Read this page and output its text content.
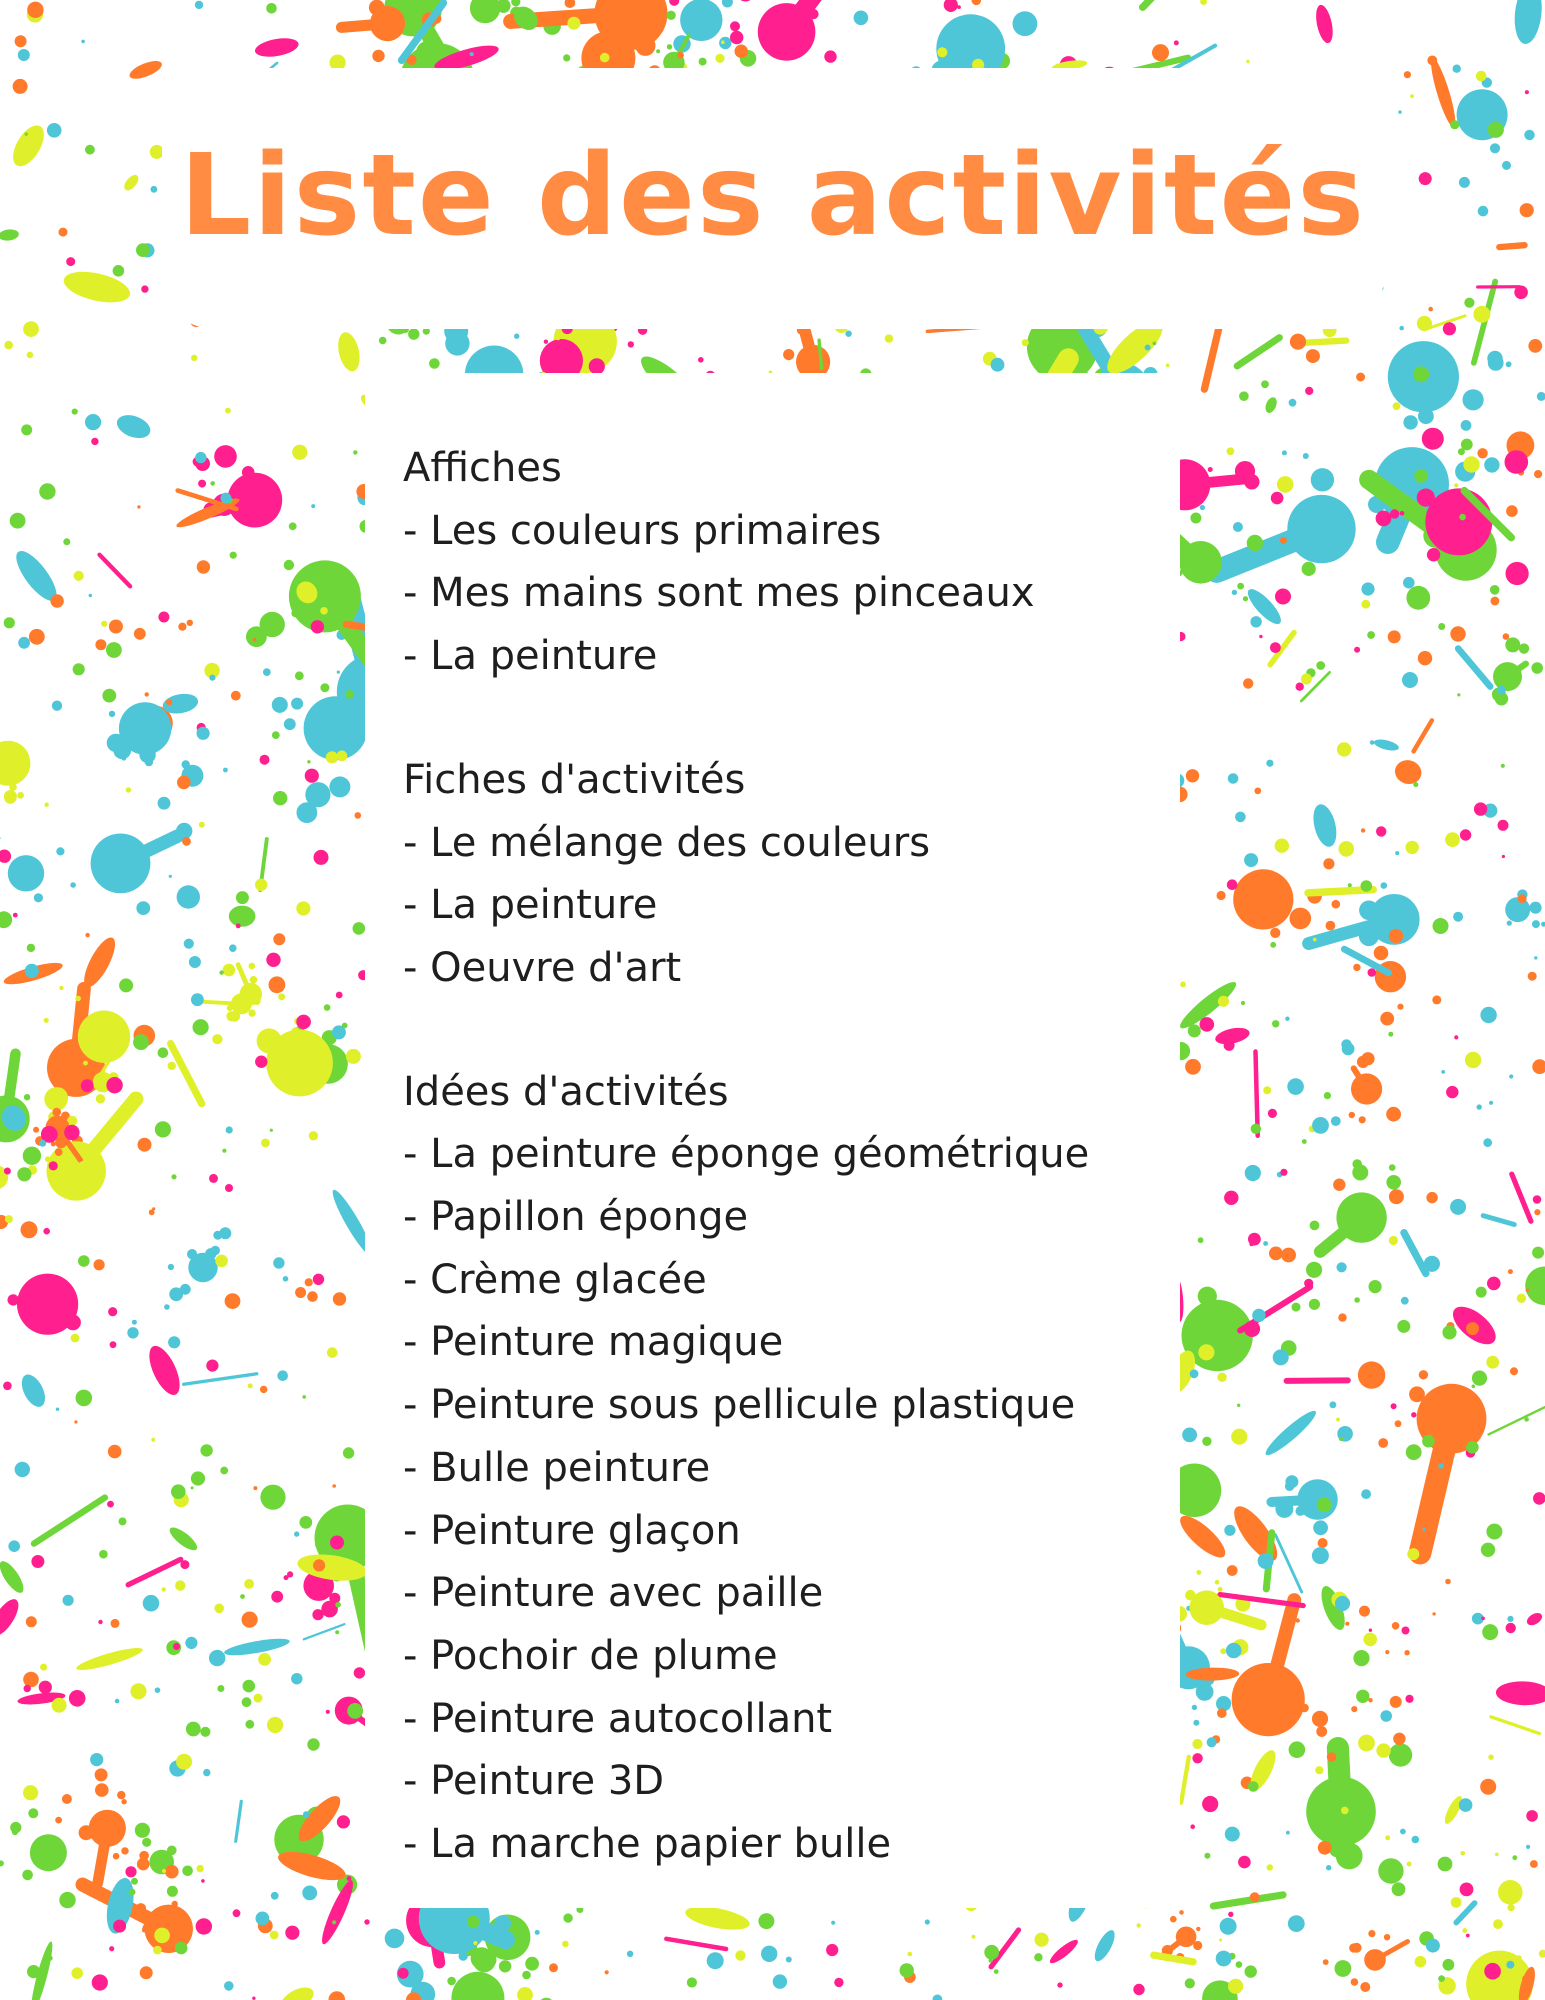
Liste des activités
Affiches
- Les couleurs primaires
- Mes mains sont mes pinceaux
- La peinture
Fiches d'activités
- Le mélange des couleurs
- La peinture
- Oeuvre d'art
Idées d'activités
- La peinture éponge géométrique
- Papillon éponge
- Crème glacée
- Peinture magique
- Peinture sous pellicule plastique
- Bulle peinture
- Peinture glaçon
- Peinture avec paille
- Pochoir de plume
- Peinture autocollant
- Peinture 3D
- La marche papier bulle
